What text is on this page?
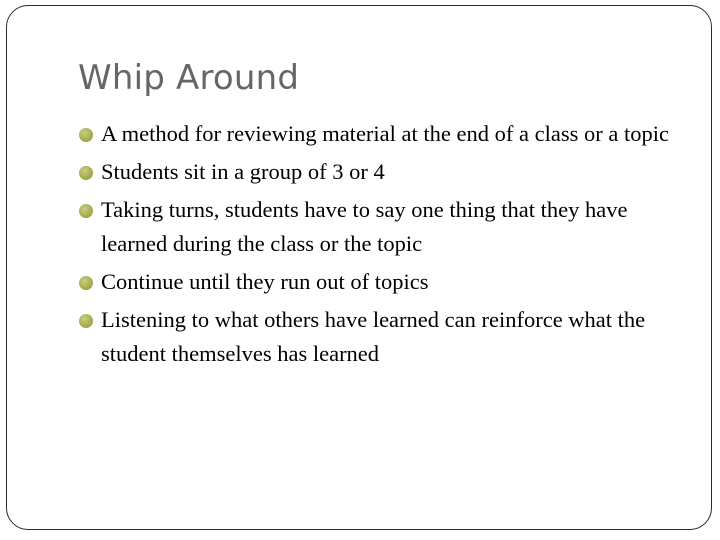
Whip Around
A method for reviewing material at the end of a class or a topic
Students sit in a group of 3 or 4
Taking turns, students have to say one thing that they have learned during the class or the topic
Continue until they run out of topics
Listening to what others have learned can reinforce what the student themselves has learned
